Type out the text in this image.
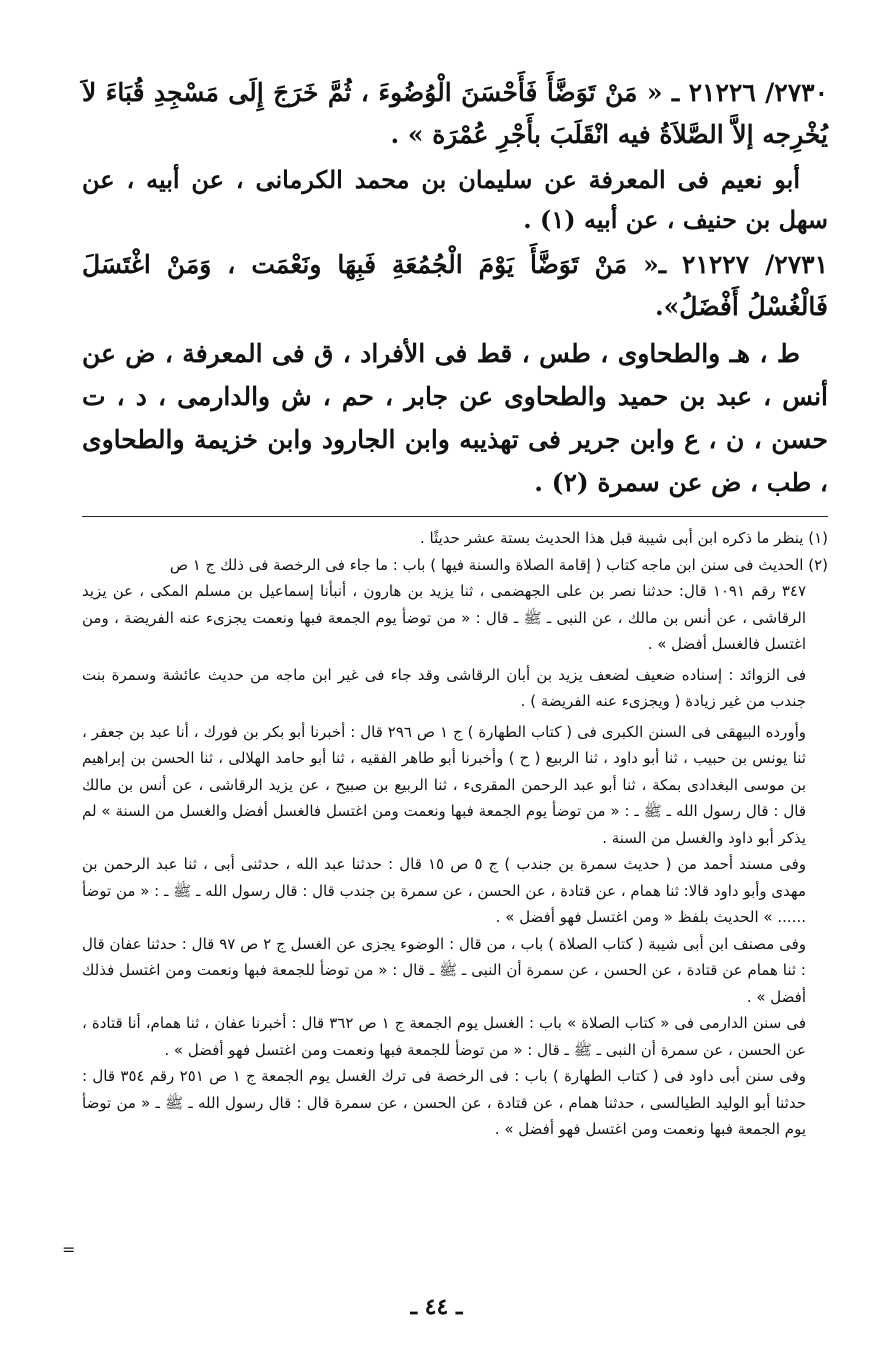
٢٧٣٠/ ٢١٢٢٦ ـ « مَنْ تَوَضَّأَ فَأَحْسَنَ الْوُضُوءَ ، ثُمَّ خَرَجَ إِلَى مَسْجِدِ قُبَاءَ لاَ يُخْرِجه إلاَّ الصَّلاَةُ فيه انْقَلَبَ بأَجْرِ عُمْرَة » .

أبو نعيم فى المعرفة عن سليمان بن محمد الكرمانى ، عن أبيه ، عن سهل بن حنيف ، عن أبيه (١) .

٢٧٣١/ ٢١٢٢٧ ـ« مَنْ تَوَضَّأَ يَوْمَ الْجُمُعَةِ فَبِهَا ونَعْمَت ، وَمَنْ اغْتَسَلَ فَالْغُسْلُ أَفْضَلُ».

ط ، هـ والطحاوى ، طس ، قط فى الأفراد ، ق فى المعرفة ، ض عن أنس ، عبد بن حميد والطحاوى عن جابر ، حم ، ش والدارمى ، د ، ت حسن ، ن ، ع وابن جرير فى تهذيبه وابن الجارود وابن خزيمة والطحاوى ، طب ، ض عن سمرة (٢) .

(١) ينظر ما ذكره ابن أبى شيبة قبل هذا الحديث بستة عشر حديثًا .

(٢) الحديث فى سنن ابن ماجه كتاب ( إقامة الصلاة والسنة فيها ) باب : ما جاء فى الرخصة فى ذلك ج ١ ص

٣٤٧ رقم ١٠٩١ قال: حدثنا نصر بن على الجهضمى ، ثنا يزيد بن هارون ، أنبأنا إسماعيل بن مسلم المكى ، عن يزيد الرقاشى ، عن أنس بن مالك ، عن النبى ـ ﷺ ـ قال : « من توضأ يوم الجمعة فبها ونعمت يجزىء عنه الفريضة ، ومن اغتسل فالغسل أفضل » .

فى الزوائد : إسناده ضعيف لضعف يزيد بن أبان الرقاشى وقد جاء فى غير ابن ماجه من حديث عائشة وسمرة بنت جندب من غير زيادة ( ويجزىء عنه الفريضة ) .

وأورده البيهقى فى السنن الكبرى فى ( كتاب الطهارة ) ج ١ ص ٢٩٦ قال : أخبرنا أبو بكر بن فورك ، أنا عبد بن جعفر ، ثنا يونس بن حبيب ، ثنا أبو داود ، ثنا الربيع ( ح ) وأخبرنا أبو طاهر الفقيه ، ثنا أبو حامد الهلالى ، ثنا الحسن بن إبراهيم بن موسى البغدادى بمكة ، ثنا أبو عبد الرحمن المقرىء ، ثنا الربيع بن صبيح ، عن يزيد الرقاشى ، عن أنس بن مالك قال : قال رسول الله ـ ﷺ ـ : « من توضأ يوم الجمعة فبها ونعمت ومن اغتسل فالغسل أفضل والغسل من السنة » لم يذكر أبو داود والغسل من السنة .

وفى مسند أحمد من ( حديث سمرة بن جندب ) ج ٥ ص ١٥ قال : حدثنا عبد الله ، حدثنى أبى ، ثنا عبد الرحمن بن مهدى وأبو داود قالا: ثنا همام ، عن قتادة ، عن الحسن ، عن سمرة بن جندب قال : قال رسول الله ـ ﷺ ـ : « من توضأ ...... » الحديث بلفظ « ومن اغتسل فهو أفضل » .

وفى مصنف ابن أبى شيبة ( كتاب الصلاة ) باب ، من قال : الوضوء يجزى عن الغسل ج ٢ ص ٩٧ قال : حدثنا عفان قال : ثنا همام عن قتادة ، عن الحسن ، عن سمرة أن النبى ـ ﷺ ـ قال : « من توضأ للجمعة فبها ونعمت ومن اغتسل فذلك أفضل » .

فى سنن الدارمى فى « كتاب الصلاة » باب : الغسل يوم الجمعة ج ١ ص ٣٦٢ قال : أخبرنا عفان ، ثنا همام، أنا قتادة ، عن الحسن ، عن سمرة أن النبى ـ ﷺ ـ قال : « من توضأ للجمعة فبها ونعمت ومن اغتسل فهو أفضل » .

وفى سنن أبى داود فى ( كتاب الطهارة ) باب : فى الرخصة فى ترك الغسل يوم الجمعة ج ١ ص ٢٥١ رقم ٣٥٤ قال : حدثنا أبو الوليد الطيالسى ، حدثنا همام ، عن قتادة ، عن الحسن ، عن سمرة قال : قال رسول الله ـ ﷺ ـ « من توضأ يوم الجمعة فبها ونعمت ومن اغتسل فهو أفضل » .

=
ـ ٤٤ ـ
